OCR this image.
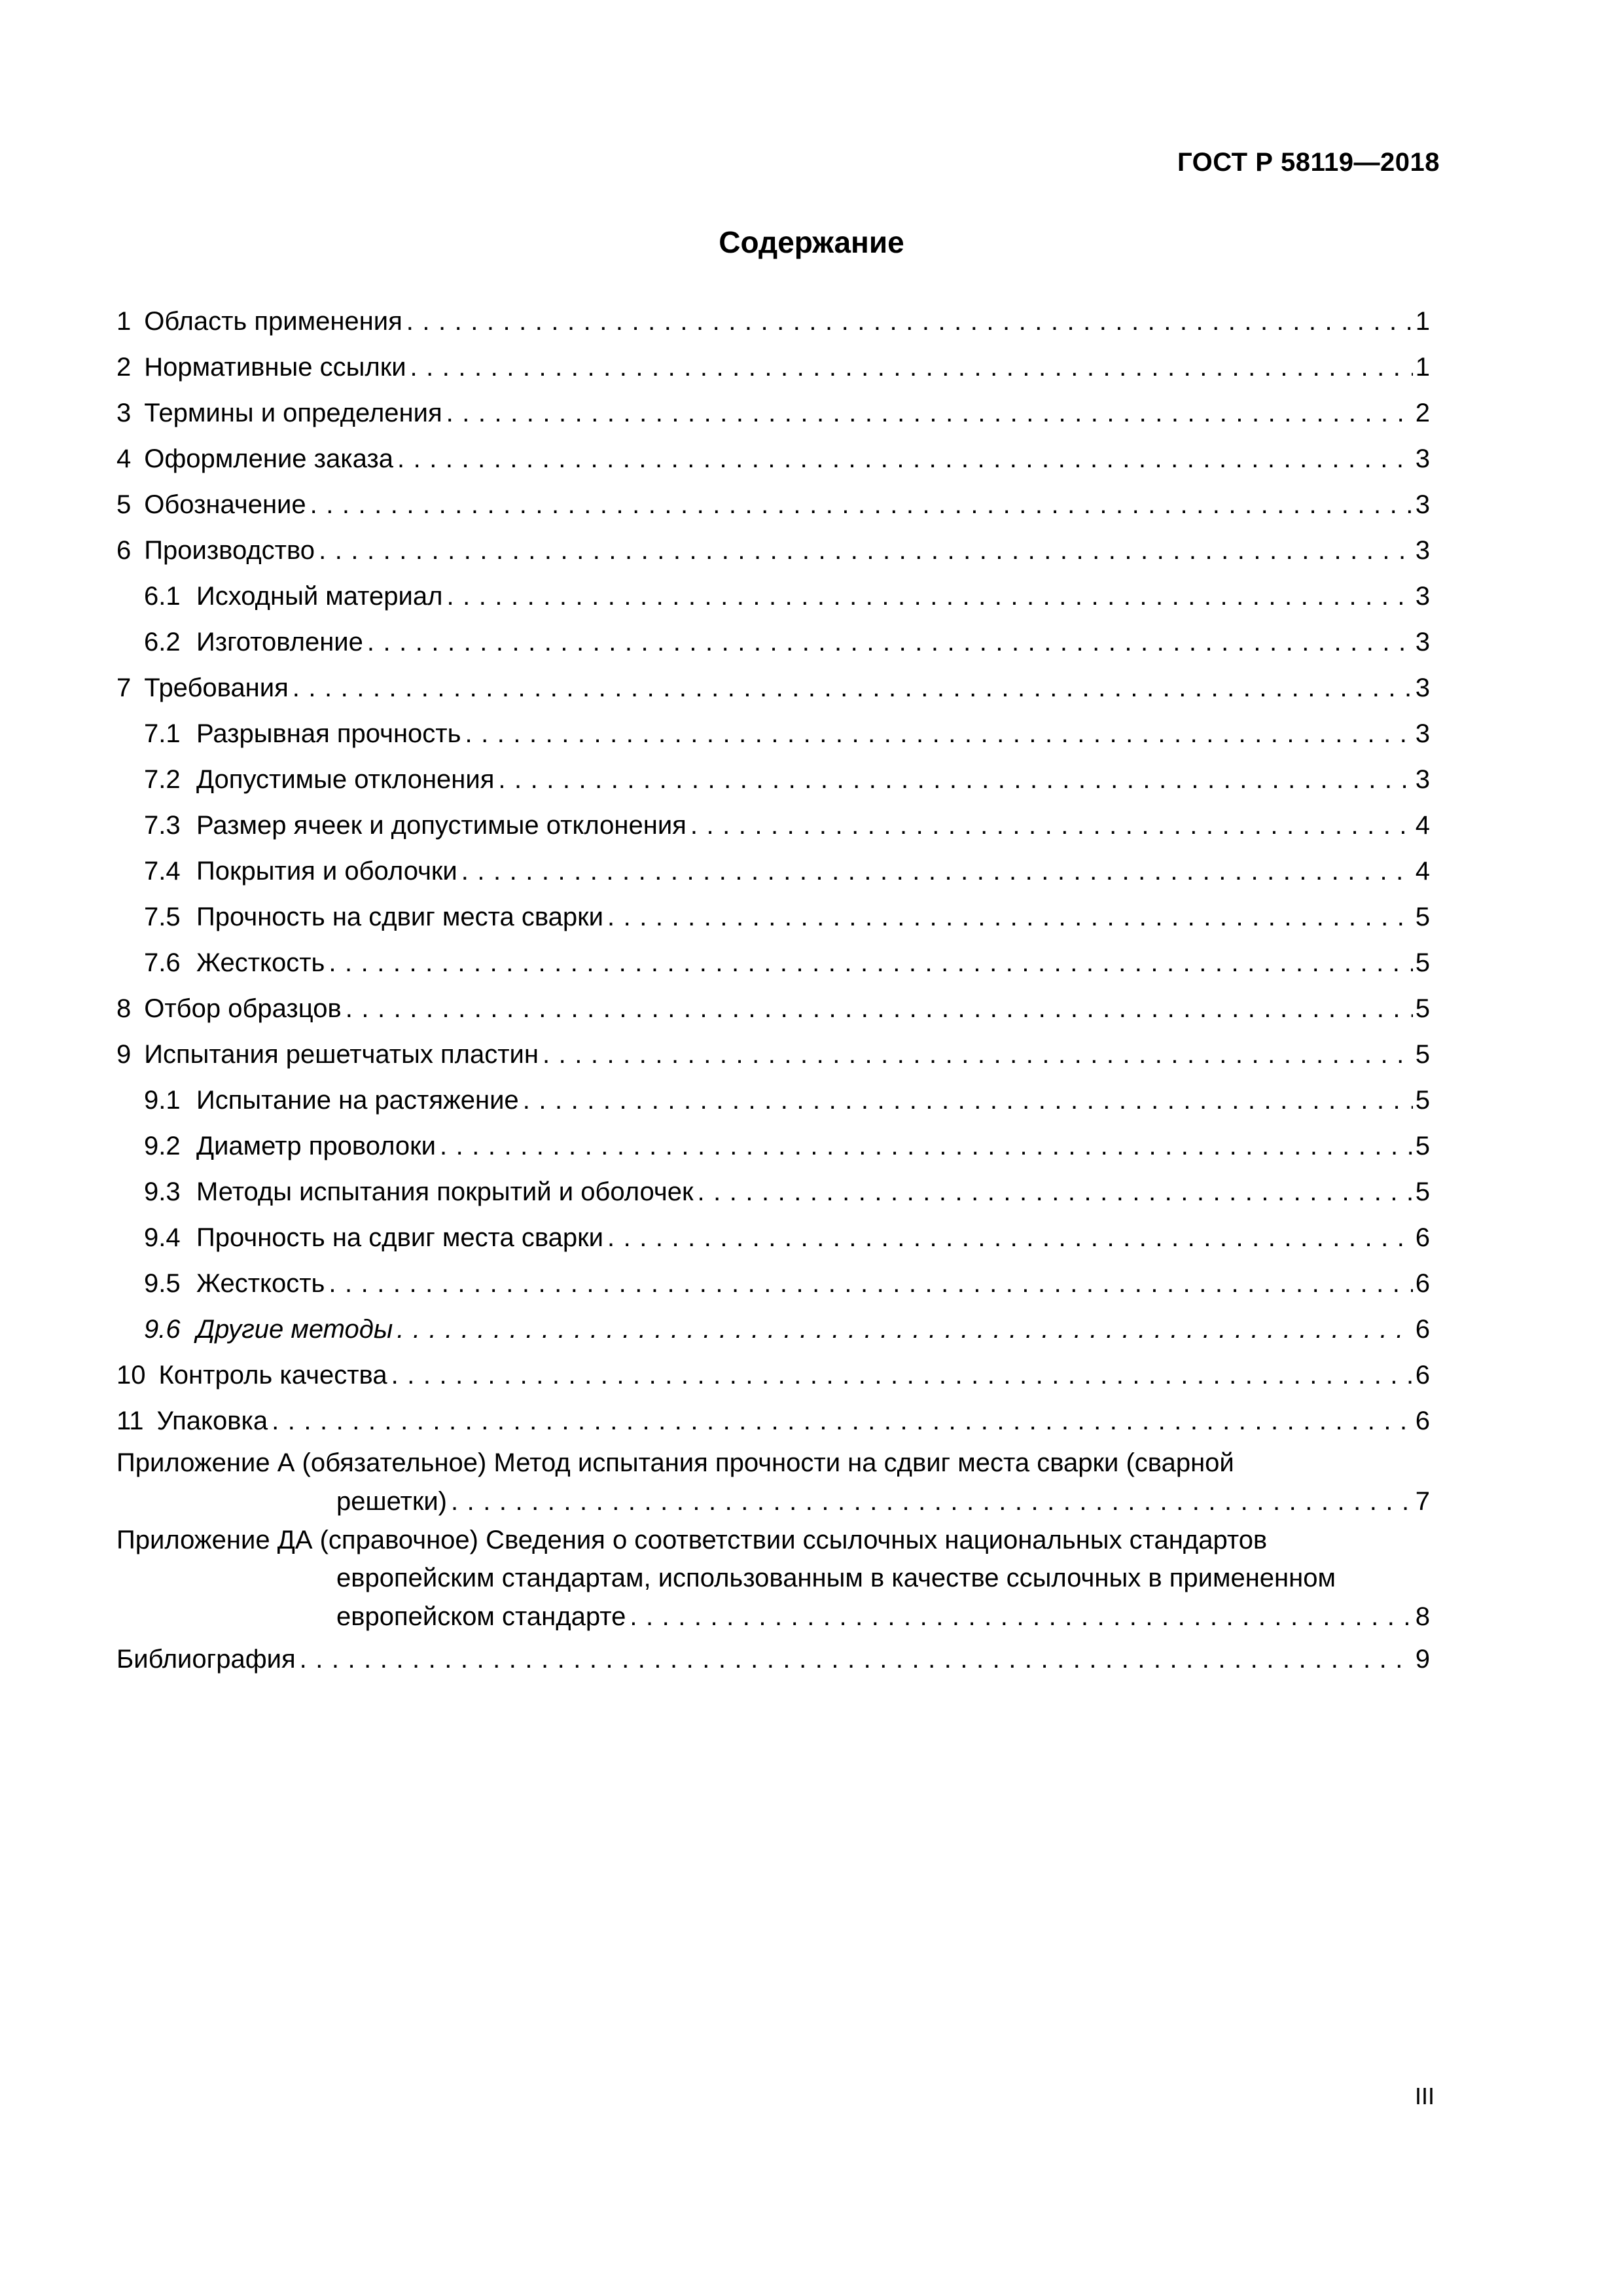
ГОСТ Р 58119—2018
Содержание
1 Область применения . . .	1
2 Нормативные ссылки . . .	1
3 Термины и определения . . .	2
4 Оформление заказа . . .	3
5 Обозначение . . .	3
6 Производство . . .	3
6.1 Исходный материал . . .	3
6.2 Изготовление . . .	3
7 Требования . . .	3
7.1 Разрывная прочность . . .	3
7.2 Допустимые отклонения . . .	3
7.3 Размер ячеек и допустимые отклонения . . .	4
7.4 Покрытия и оболочки . . .	4
7.5 Прочность на сдвиг места сварки . . .	5
7.6 Жесткость . . .	5
8 Отбор образцов . . .	5
9 Испытания решетчатых пластин . . .	5
9.1 Испытание на растяжение . . .	5
9.2 Диаметр проволоки . . .	5
9.3 Методы испытания покрытий и оболочек . . .	5
9.4 Прочность на сдвиг места сварки . . .	6
9.5 Жесткость . . .	6
9.6 Другие методы . . .	6
10 Контроль качества . . .	6
11 Упаковка . . .	6
Приложение А (обязательное) Метод испытания прочности на сдвиг места сварки (сварной
решетки) . . .	7
Приложение ДА (справочное) Сведения о соответствии ссылочных национальных стандартов
европейским стандартам, использованным в качестве ссылочных в примененном
европейском стандарте . . .	8
Библиография . . .	9
III
